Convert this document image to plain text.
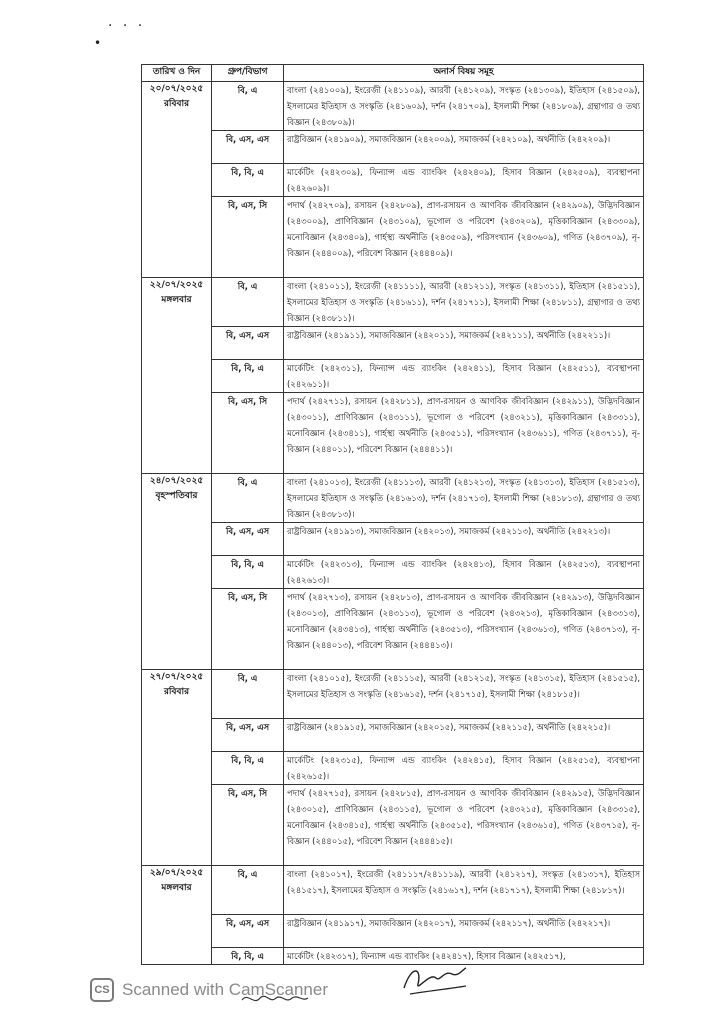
· · ·
•
তারিখ ও দিন	গ্রুপ/বিভাগ	অনার্স বিষয় সমূহ

২০/০৭/২০২৫
রবিবার	বি, এ	বাংলা (২৪১০০৯), ইংরেজী (২৪১১০৯), আরবী (২৪১২০৯), সংস্কৃত (২৪১৩০৯), ইতিহাস (২৪১৫০৯), ইসলামের ইতিহাস ও সংস্কৃতি (২৪১৬০৯), দর্শন (২৪১৭০৯), ইসলামী শিক্ষা (২৪১৮০৯), গ্রন্থাগার ও তথ্য বিজ্ঞান (২৪৩৮০৯)।
	বি, এস, এস	রাষ্ট্রবিজ্ঞান (২৪১৯০৯), সমাজবিজ্ঞান (২৪২০০৯), সমাজকর্ম (২৪২১০৯), অর্থনীতি (২৪২২০৯)।
	বি, বি, এ	মার্কেটিং (২৪২৩০৯), ফিন্যান্স এন্ড ব্যাংকিং (২৪২৪০৯), হিসাব বিজ্ঞান (২৪২৫০৯), ব্যবস্থাপনা (২৪২৬০৯)।
	বি, এস, সি	পদার্থ (২৪২৭০৯), রসায়ন (২৪২৮০৯), প্রাণ-রসায়ন ও আণবিক জীববিজ্ঞান (২৪২৯০৯), উদ্ভিদবিজ্ঞান (২৪৩০০৯), প্রাণিবিজ্ঞান (২৪৩১০৯), ভূগোল ও পরিবেশ (২৪৩২০৯), মৃত্তিকাবিজ্ঞান (২৪৩৩০৯), মনোবিজ্ঞান (২৪৩৪০৯), গার্হস্থ্য অর্থনীতি (২৪৩৫০৯), পরিসংখ্যান (২৪৩৬০৯), গণিত (২৪৩৭০৯), নৃ-বিজ্ঞান (২৪৪০০৯), পরিবেশ বিজ্ঞান (২৪৪৪০৯)।

২২/০৭/২০২৫
মঙ্গলবার	বি, এ	বাংলা (২৪১০১১), ইংরেজী (২৪১১১১), আরবী (২৪১২১১), সংস্কৃত (২৪১৩১১), ইতিহাস (২৪১৫১১), ইসলামের ইতিহাস ও সংস্কৃতি (২৪১৬১১), দর্শন (২৪১৭১১), ইসলামী শিক্ষা (২৪১৮১১), গ্রন্থাগার ও তথ্য বিজ্ঞান (২৪৩৮১১)।
	বি, এস, এস	রাষ্ট্রবিজ্ঞান (২৪১৯১১), সমাজবিজ্ঞান (২৪২০১১), সমাজকর্ম (২৪২১১১), অর্থনীতি (২৪২২১১)।
	বি, বি, এ	মার্কেটিং (২৪২৩১১), ফিন্যান্স এন্ড ব্যাংকিং (২৪২৪১১), হিসাব বিজ্ঞান (২৪২৫১১), ব্যবস্থাপনা (২৪২৬১১)।
	বি, এস, সি	পদার্থ (২৪২৭১১), রসায়ন (২৪২৮১১), প্রাণ-রসায়ন ও আণবিক জীববিজ্ঞান (২৪২৯১১), উদ্ভিদবিজ্ঞান (২৪৩০১১), প্রাণিবিজ্ঞান (২৪৩১১১), ভূগোল ও পরিবেশ (২৪৩২১১), মৃত্তিকাবিজ্ঞান (২৪৩৩১১), মনোবিজ্ঞান (২৪৩৪১১), গার্হস্থ্য অর্থনীতি (২৪৩৫১১), পরিসংখ্যান (২৪৩৬১১), গণিত (২৪৩৭১১), নৃ-বিজ্ঞান (২৪৪০১১), পরিবেশ বিজ্ঞান (২৪৪৪১১)।

২৪/০৭/২০২৫
বৃহস্পতিবার	বি, এ	বাংলা (২৪১০১৩), ইংরেজী (২৪১১১৩), আরবী (২৪১২১৩), সংস্কৃত (২৪১৩১৩), ইতিহাস (২৪১৫১৩), ইসলামের ইতিহাস ও সংস্কৃতি (২৪১৬১৩), দর্শন (২৪১৭১৩), ইসলামী শিক্ষা (২৪১৮১৩), গ্রন্থাগার ও তথ্য বিজ্ঞান (২৪৩৮১৩)।
	বি, এস, এস	রাষ্ট্রবিজ্ঞান (২৪১৯১৩), সমাজবিজ্ঞান (২৪২০১৩), সমাজকর্ম (২৪২১১৩), অর্থনীতি (২৪২২১৩)।
	বি, বি, এ	মার্কেটিং (২৪২৩১৩), ফিন্যান্স এন্ড ব্যাংকিং (২৪২৪১৩), হিসাব বিজ্ঞান (২৪২৫১৩), ব্যবস্থাপনা (২৪২৬১৩)।
	বি, এস, সি	পদার্থ (২৪২৭১৩), রসায়ন (২৪২৮১৩), প্রাণ-রসায়ন ও আণবিক জীববিজ্ঞান (২৪২৯১৩), উদ্ভিদবিজ্ঞান (২৪৩০১৩), প্রাণিবিজ্ঞান (২৪৩১১৩), ভূগোল ও পরিবেশ (২৪৩২১৩), মৃত্তিকাবিজ্ঞান (২৪৩৩১৩), মনোবিজ্ঞান (২৪৩৪১৩), গার্হস্থ্য অর্থনীতি (২৪৩৫১৩), পরিসংখ্যান (২৪৩৬১৩), গণিত (২৪৩৭১৩), নৃ-বিজ্ঞান (২৪৪০১৩), পরিবেশ বিজ্ঞান (২৪৪৪১৩)।

২৭/০৭/২০২৫
রবিবার	বি, এ	বাংলা (২৪১০১৫), ইংরেজী (২৪১১১৫), আরবী (২৪১২১৫), সংস্কৃত (২৪১৩১৫), ইতিহাস (২৪১৫১৫), ইসলামের ইতিহাস ও সংস্কৃতি (২৪১৬১৫), দর্শন (২৪১৭১৫), ইসলামী শিক্ষা (২৪১৮১৫)।
	বি, এস, এস	রাষ্ট্রবিজ্ঞান (২৪১৯১৫), সমাজবিজ্ঞান (২৪২০১৫), সমাজকর্ম (২৪২১১৫), অর্থনীতি (২৪২২১৫)।
	বি, বি, এ	মার্কেটিং (২৪২৩১৫), ফিন্যান্স এন্ড ব্যাংকিং (২৪২৪১৫), হিসাব বিজ্ঞান (২৪২৫১৫), ব্যবস্থাপনা (২৪২৬১৫)।
	বি, এস, সি	পদার্থ (২৪২৭১৫), রসায়ন (২৪২৮১৫), প্রাণ-রসায়ন ও আণবিক জীববিজ্ঞান (২৪২৯১৫), উদ্ভিদবিজ্ঞান (২৪৩০১৫), প্রাণিবিজ্ঞান (২৪৩১১৫), ভূগোল ও পরিবেশ (২৪৩২১৫), মৃত্তিকাবিজ্ঞান (২৪৩৩১৫), মনোবিজ্ঞান (২৪৩৪১৫), গার্হস্থ্য অর্থনীতি (২৪৩৫১৫), পরিসংখ্যান (২৪৩৬১৫), গণিত (২৪৩৭১৫), নৃ-বিজ্ঞান (২৪৪০১৫), পরিবেশ বিজ্ঞান (২৪৪৪১৫)।

২৯/০৭/২০২৫
মঙ্গলবার	বি, এ	বাংলা (২৪১০১৭), ইংরেজী (২৪১১১৭/২৪১১১৯), আরবী (২৪১২১৭), সংস্কৃত (২৪১৩১৭), ইতিহাস (২৪১৫১৭), ইসলামের ইতিহাস ও সংস্কৃতি (২৪১৬১৭), দর্শন (২৪১৭১৭), ইসলামী শিক্ষা (২৪১৮১৭)।
	বি, এস, এস	রাষ্ট্রবিজ্ঞান (২৪১৯১৭), সমাজবিজ্ঞান (২৪২০১৭), সমাজকর্ম (২৪২১১৭), অর্থনীতি (২৪২২১৭)।
	বি, বি, এ	মার্কেটিং (২৪২৩১৭), ফিন্যান্স এন্ড ব্যাংকিং (২৪২৪১৭), হিসাব বিজ্ঞান (২৪২৫১৭),
CS Scanned with CamScanner
